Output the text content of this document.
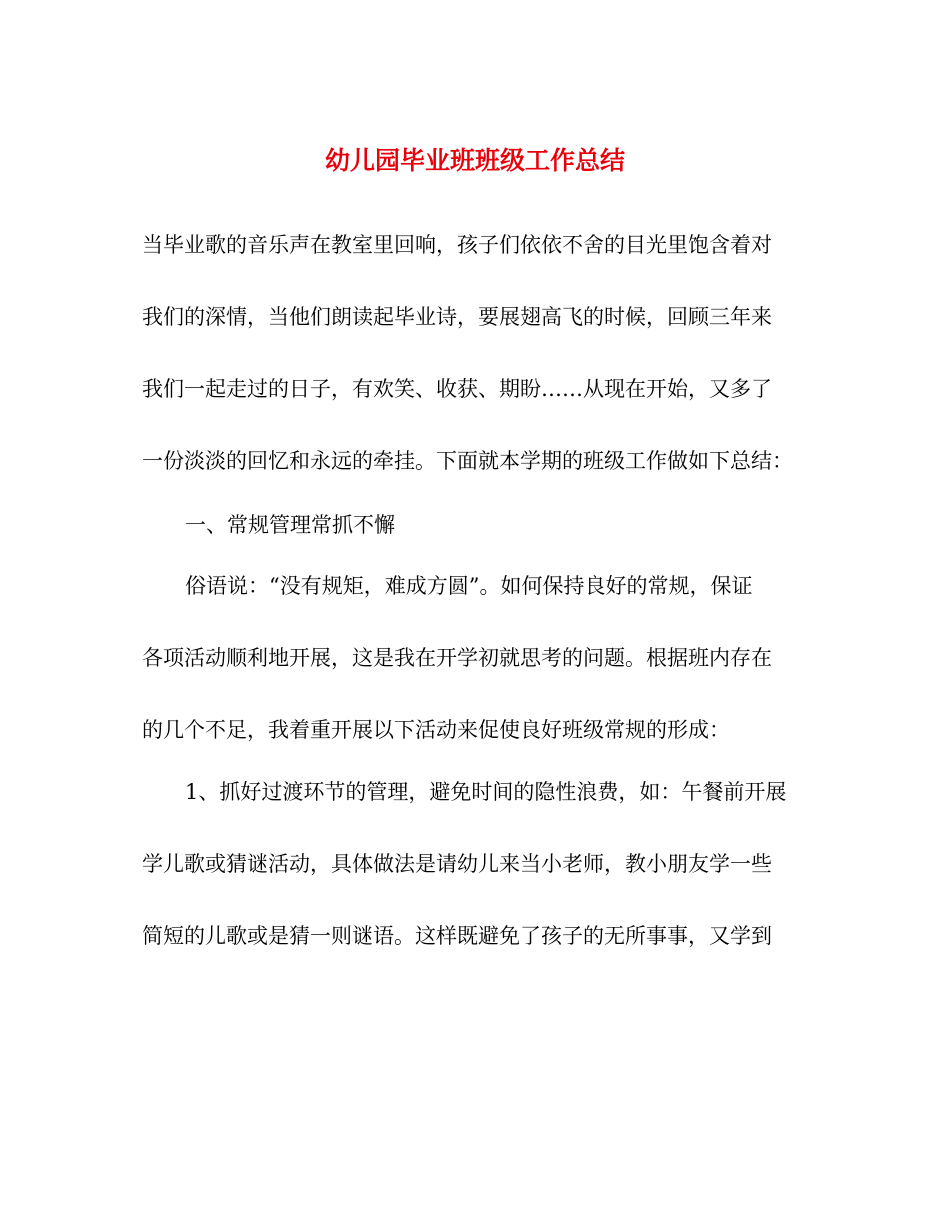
幼儿园毕业班班级工作总结
当毕业歌的音乐声在教室里回响，孩子们依依不舍的目光里饱含着对
我们的深情，当他们朗读起毕业诗，要展翅高飞的时候，回顾三年来
我们一起走过的日子，有欢笑、收获、期盼……从现在开始，又多了
一份淡淡的回忆和永远的牵挂。下面就本学期的班级工作做如下总结：
一、常规管理常抓不懈
俗语说：“没有规矩，难成方圆”。如何保持良好的常规，保证
各项活动顺利地开展，这是我在开学初就思考的问题。根据班内存在
的几个不足，我着重开展以下活动来促使良好班级常规的形成：
1、抓好过渡环节的管理，避免时间的隐性浪费，如：午餐前开展
学儿歌或猜谜活动，具体做法是请幼儿来当小老师，教小朋友学一些
简短的儿歌或是猜一则谜语。这样既避免了孩子的无所事事，又学到
